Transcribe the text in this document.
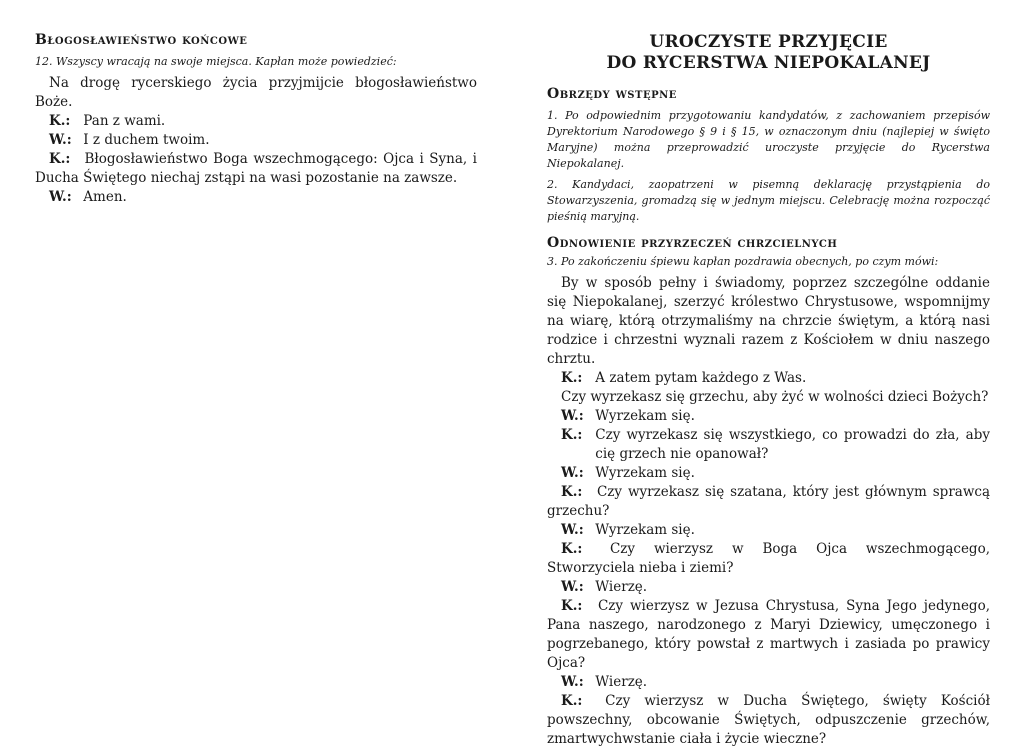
Błogosławieństwo końcowe

12. Wszyscy wracają na swoje miejsca. Kapłan może powiedzieć:

Na drogę rycerskiego życia przyjmijcie błogosławieństwo Boże.

K.: Pan z wami.
W.: I z duchem twoim.
K.: Błogosławieństwo Boga wszechmogącego: Ojca i Syna, i Ducha Świętego niechaj zstąpi na wasi pozostanie na zawsze.
W.: Amen.

UROCZYSTE PRZYJĘCIE

DO RYCERSTWA NIEPOKALANEJ

Obrzędy wstępne

1. Po odpowiednim przygotowaniu kandydatów, z zachowaniem przepisów Dyrektorium Narodowego § 9 i § 15, w oznaczonym dniu (najlepiej w święto Maryjne) można przeprowadzić uroczyste przyjęcie do Rycerstwa Niepokalanej.

2. Kandydaci, zaopatrzeni w pisemną deklarację przystąpienia do Stowarzyszenia, gromadzą się w jednym miejscu. Celebrację można rozpocząć pieśnią maryjną.

Odnowienie przyrzeczeń chrzcielnych

3. Po zakończeniu śpiewu kapłan pozdrawia obecnych, po czym mówi:

By w sposób pełny i świadomy, poprzez szczególne oddanie się Niepokalanej, szerzyć królestwo Chrystusowe, wspomnijmy na wiarę, którą otrzymaliśmy na chrzcie świętym, a którą nasi rodzice i chrzestni wyznali razem z Kościołem w dniu naszego chrztu.

K.: A zatem pytam każdego z Was.
Czy wyrzekasz się grzechu, aby żyć w wolności dzieci Bożych?
W.: Wyrzekam się.
K.:
Czy wyrzekasz się wszystkiego, co prowadzi do zła, aby cię grzech nie opanował?
W.: Wyrzekam się.
K.: Czy wyrzekasz się szatana, który jest głównym sprawcą grzechu?
W.: Wyrzekam się.
K.: Czy wierzysz w Boga Ojca wszechmogącego, Stworzyciela nieba i ziemi?
W.: Wierzę.
K.: Czy wierzysz w Jezusa Chrystusa, Syna Jego jedynego, Pana naszego, narodzonego z Maryi Dziewicy, umęczonego i pogrzebanego, który powstał z martwych i zasiada po prawicy Ojca?
W.: Wierzę.
K.: Czy wierzysz w Ducha Świętego, święty Kościół powszechny, obcowanie Świętych, odpuszczenie grzechów, zmartwychwstanie ciała i życie wieczne?
